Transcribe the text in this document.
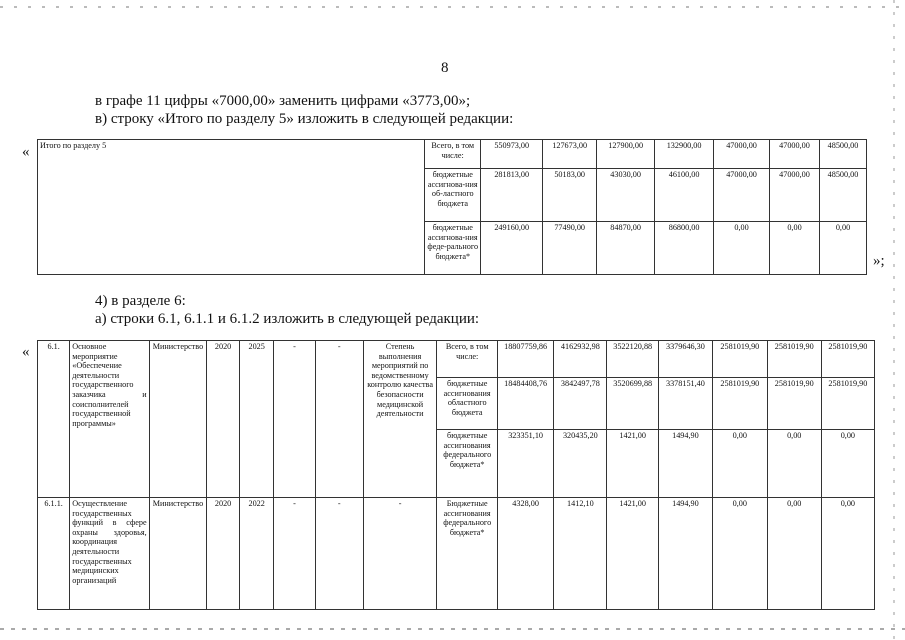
8
в графе 11 цифры «7000,00» заменить цифрами «3773,00»;
в) строку «Итого по разделу 5» изложить в следующей редакции:
« Итого по разделу 5	Всего, в том числе:	550973,00	127673,00	127900,00	132900,00	47000,00	47000,00	48500,00
	бюджетные ассигнова-ния об-ластного бюджета	281813,00	50183,00	43030,00	46100,00	47000,00	47000,00	48500,00
	бюджетные ассигнова-ния феде-рального бюджета*	249160,00	77490,00	84870,00	86800,00	0,00	0,00	0,00
»;
4) в разделе 6:
а) строки 6.1, 6.1.1 и 6.1.2 изложить в следующей редакции:
« 6.1.	Основное мероприятие «Обеспечение деятельности государственного заказчика и соисполнителей государственной программы»	Министерство	2020	2025	-	-	Степень выполнения мероприятий по ведомственному контролю качества безопасности медицинской деятельности	Всего, в том числе:	18807759,86	4162932,98	3522120,88	3379646,30	2581019,90	2581019,90	2581019,90
								бюджетные ассигнования областного бюджета	18484408,76	3842497,78	3520699,88	3378151,40	2581019,90	2581019,90	2581019,90
								бюджетные ассигнования федерального бюджета*	323351,10	320435,20	1421,00	1494,90	0,00	0,00	0,00
6.1.1.	Осуществление государственных функций в сфере охраны здоровья, координация деятельности государственных медицинских организаций	Министерство	2020	2022	-	-	-	Бюджетные ассигнования федерального бюджета*	4328,00	1412,10	1421,00	1494,90	0,00	0,00	0,00
